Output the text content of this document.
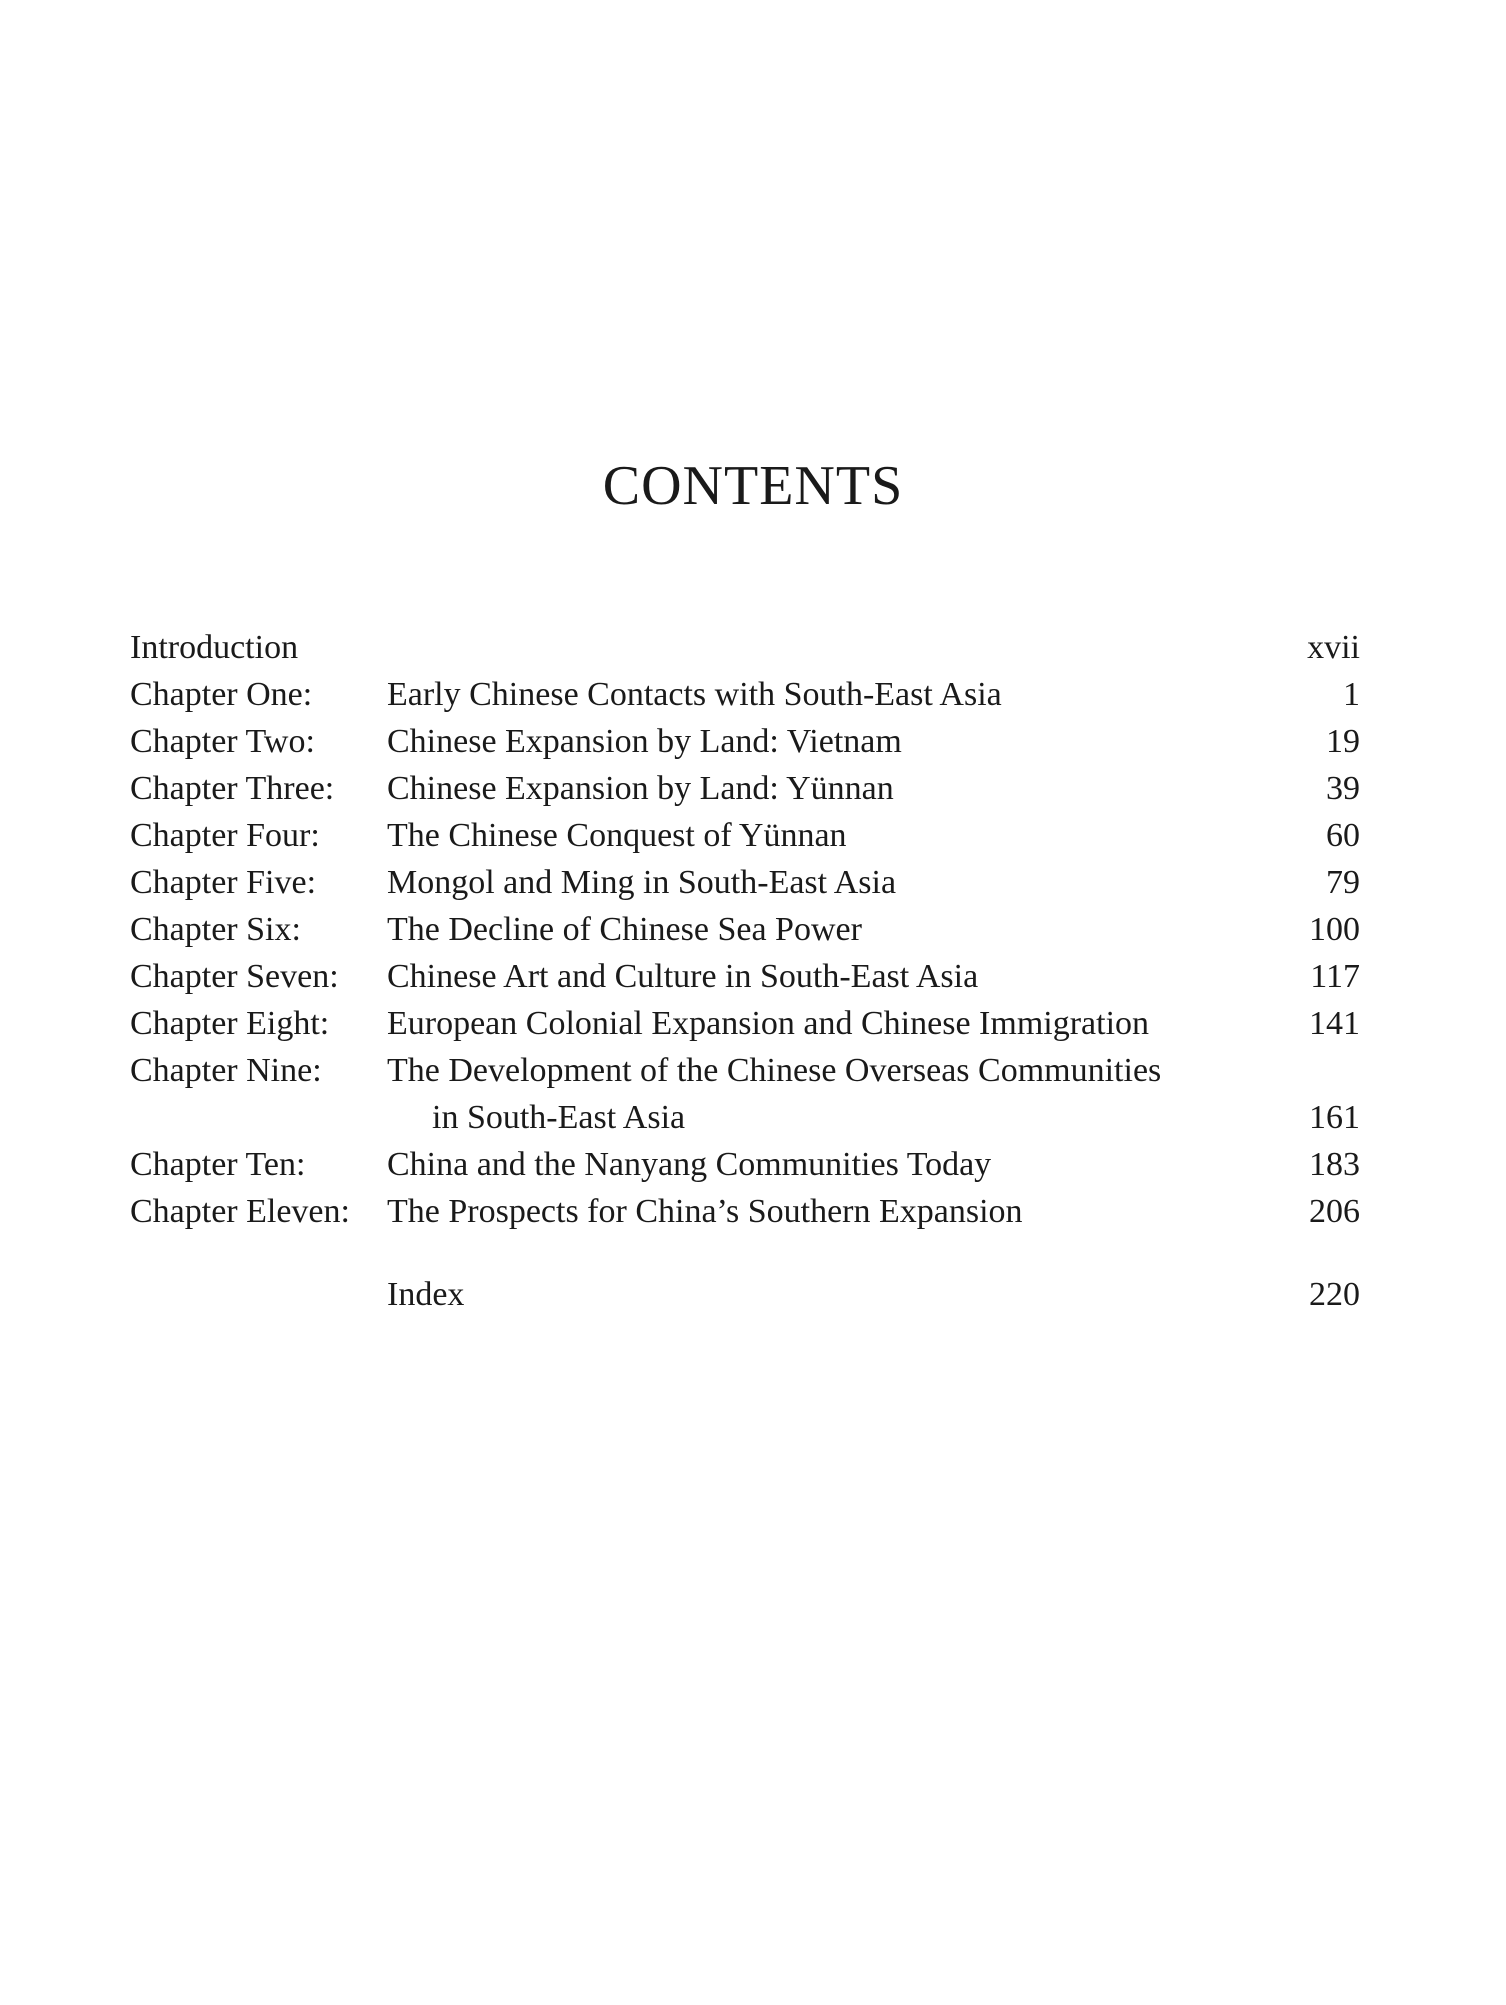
CONTENTS
Introduction	xvii
Chapter One: Early Chinese Contacts with South-East Asia	1
Chapter Two: Chinese Expansion by Land: Vietnam	19
Chapter Three: Chinese Expansion by Land: Yünnan	39
Chapter Four: The Chinese Conquest of Yünnan	60
Chapter Five: Mongol and Ming in South-East Asia	79
Chapter Six:	The Decline of Chinese Sea Power	100
Chapter Seven: Chinese Art and Culture in South-East Asia	117
Chapter Eight: European Colonial Expansion and Chinese Immigration	141
Chapter Nine: The Development of the Chinese Overseas Communities
in South-East Asia	161
Chapter Ten: China and the Nanyang Communities Today	183
Chapter Eleven: The Prospects for China’s Southern Expansion	206
Index	220
